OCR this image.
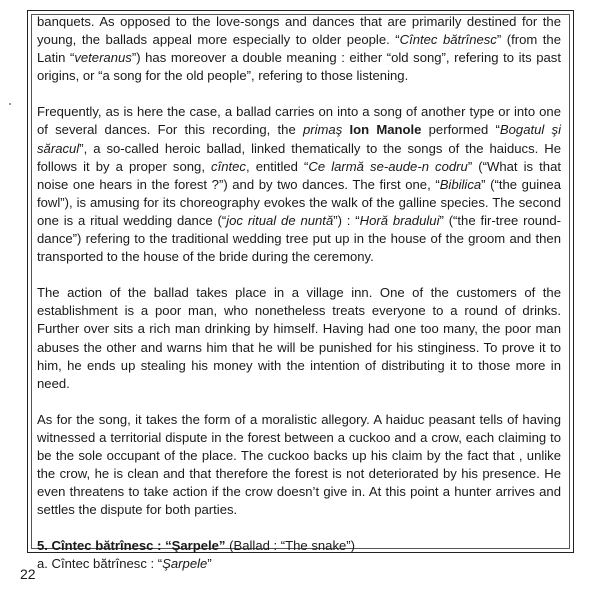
banquets. As opposed to the love-songs and dances that are primarily destined for the young, the ballads appeal more especially to older people. “Cîntec bătrînesc” (from the Latin “veteranus”) has moreover a double meaning : either “old song”, refering to its past origins, or “a song for the old people”, refering to those listening.

Frequently, as is here the case, a ballad carries on into a song of another type or into one of several dances. For this recording, the primaş Ion Manole performed “Bogatul şi săracul”, a so-called heroic ballad, linked thematically to the songs of the haiducs. He follows it by a proper song, cîntec, entitled “Ce larmă se-aude-n codru” (“What is that noise one hears in the forest ?”) and by two dances. The first one, “Bibilica” (“the guinea fowl”), is amusing for its choreography evokes the walk of the galline species. The second one is a ritual wedding dance (“joc ritual de nuntă”) : “Horă bradului” (“the fir-tree round-dance”) refering to the traditional wedding tree put up in the house of the groom and then transported to the house of the bride during the ceremony.

The action of the ballad takes place in a village inn. One of the customers of the establishment is a poor man, who nonetheless treats everyone to a round of drinks. Further over sits a rich man drinking by himself. Having had one too many, the poor man abuses the other and warns him that he will be punished for his stinginess. To prove it to him, he ends up stealing his money with the intention of distributing it to those more in need.

As for the song, it takes the form of a moralistic allegory. A haiduc peasant tells of having witnessed a territorial dispute in the forest between a cuckoo and a crow, each claiming to be the sole occupant of the place. The cuckoo backs up his claim by the fact that , unlike the crow, he is clean and that therefore the forest is not deteriorated by his presence. He even threatens to take action if the crow doesn’t give in. At this point a hunter arrives and settles the dispute for both parties.

5. Cîntec bătrînesc : “Şarpele” (Ballad : “The snake”)

a. Cîntec bătrînesc : “Şarpele”

22
